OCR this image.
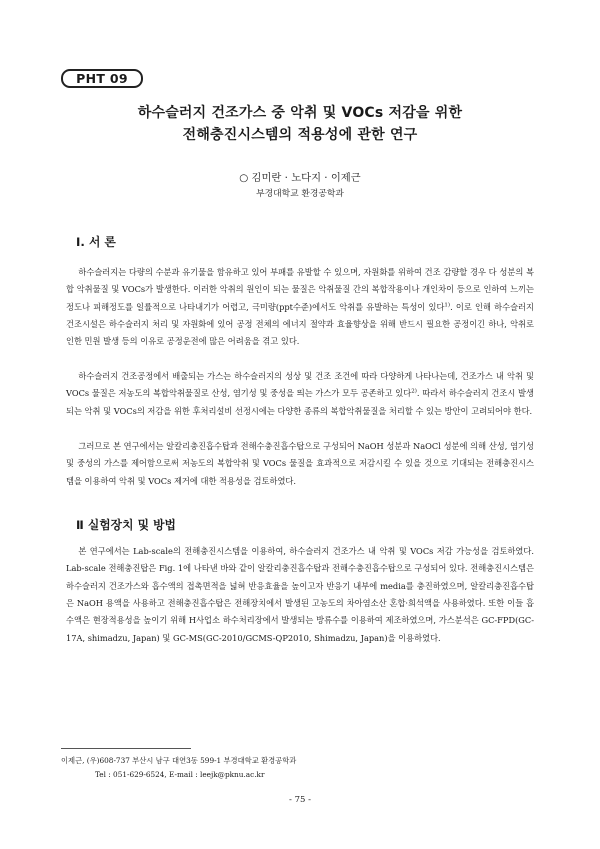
PHT 09
하수슬러지 건조가스 중 악취 및 VOCs 저감을 위한
전해충진시스템의 적용성에 관한 연구
○ 김미란 · 노다지 · 이제근
부경대학교 환경공학과
Ⅰ. 서 론

하수슬러지는 다량의 수분과 유기물을 함유하고 있어 부패를 유발할 수 있으며, 자원화를 위하여 건조 감량할 경우 다 성분의 복합 악취물질 및 VOCs가 발생한다. 이러한 악취의 원인이 되는 물질은 악취물질 간의 복합작용이나 개인차이 등으로 인하여 느끼는 정도나 피해정도를 일률적으로 나타내기가 어렵고, 극미량(ppt수준)에서도 악취를 유발하는 특성이 있다$^{1)}$. 이로 인해 하수슬러지 건조시설은 하수슬러지 처리 및 자원화에 있어 공정 전체의 에너지 절약과 효율향상을 위해 반드시 필요한 공정이긴 하나, 악취로 인한 민원 발생 등의 이유로 공정운전에 많은 어려움을 겪고 있다.

하수슬러지 건조공정에서 배출되는 가스는 하수슬러지의 성상 및 건조 조건에 따라 다양하게 나타나는데, 건조가스 내 악취 및 VOCs 물질은 저농도의 복합악취물질로 산성, 염기성 및 중성을 띄는 가스가 모두 공존하고 있다$^{2)}$. 따라서 하수슬러지 건조시 발생되는 악취 및 VOCs의 저감을 위한 후처리설비 선정시에는 다양한 종류의 복합악취물질을 처리할 수 있는 방안이 고려되어야 한다.

그러므로 본 연구에서는 알칼리충진흡수탑과 전해수충진흡수탑으로 구성되어 NaOH 성분과 NaOCl 성분에 의해 산성, 염기성 및 중성의 가스를 제어함으로써 저농도의 복합악취 및 VOCs 물질을 효과적으로 저감시킬 수 있을 것으로 기대되는 전해충진시스템을 이용하여 악취 및 VOCs 제거에 대한 적용성을 검토하였다.

Ⅱ 실험장치 및 방법

본 연구에서는 Lab-scale의 전해충진시스템을 이용하여, 하수슬러지 건조가스 내 악취 및 VOCs 저감 가능성을 검토하였다. Lab-scale 전해충진탑은 Fig. 1에 나타낸 바와 같이 알칼리충진흡수탑과 전해수충진흡수탑으로 구성되어 있다. 전해충진시스템은 하수슬러지 건조가스와 흡수액의 접촉면적을 넓혀 반응효율을 높이고자 반응기 내부에 media를 충진하였으며, 알칼리충진흡수탑은 NaOH 용액을 사용하고 전해충진흡수탑은 전해장치에서 발생된 고농도의 차아염소산 혼합·희석액을 사용하였다. 또한 이들 흡수액은 현장적용성을 높이기 위해 H사업소 하수처리장에서 발생되는 방류수를 이용하여 제조하였으며, 가스분석은 GC-FPD(GC-17A, shimadzu, Japan) 및 GC-MS(GC-2010/GCMS-QP2010, Shimadzu, Japan)을 이용하였다.

이제근, (우)608-737 부산시 남구 대연3동 599-1 부경대학교 환경공학과

Tel : 051-629-6524, E-mail : leejk@pknu.ac.kr

- 75 -
